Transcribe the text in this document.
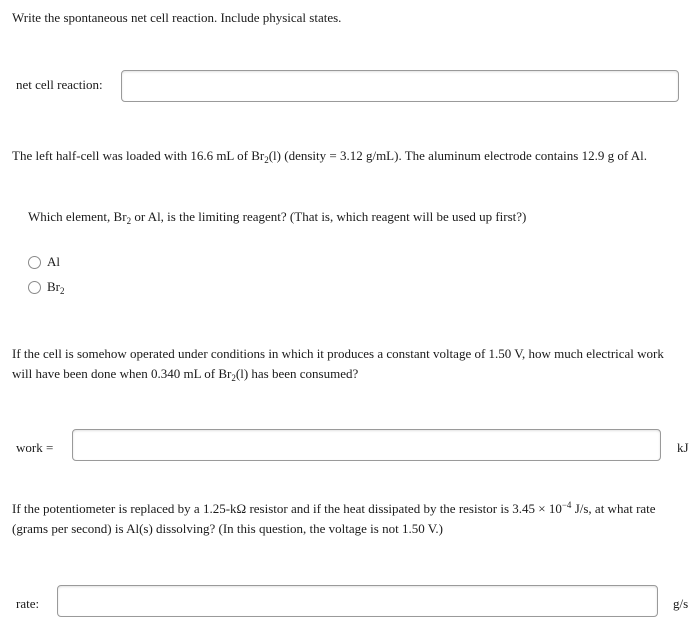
Write the spontaneous net cell reaction. Include physical states.
net cell reaction:
The left half-cell was loaded with 16.6 mL of $Br_2(l)$ (density = 3.12 g/mL). The aluminum electrode contains 12.9 g of Al.
Which element, $Br_2$ or Al, is the limiting reagent? (That is, which reagent will be used up first?)
Al
$Br_2$
If the cell is somehow operated under conditions in which it produces a constant voltage of 1.50 V, how much electrical work
will have been done when 0.340 mL of $Br_2(l)$ has been consumed?
work =	kJ
If the potentiometer is replaced by a 1.25-kΩ resistor and if the heat dissipated by the resistor is $3.45 \times 10^{-4}$ J/s, at what rate
(grams per second) is Al(s) dissolving? (In this question, the voltage is not 1.50 V.)
rate:	g/s
